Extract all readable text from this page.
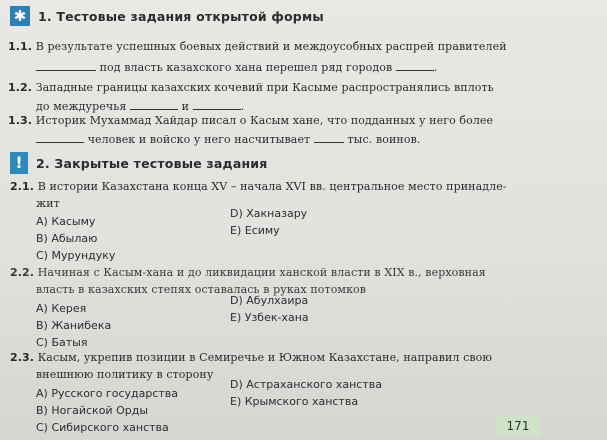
✱ 1. Тестовые задания открытой формы
1.1. В результате успешных боевых действий и междоусобных распрей правителей
под власть казахского хана перешел ряд городов	.
1.2. Западные границы казахских кочевий при Касыме распространялись вплоть
до междуречья	и	.
1.3. Историк Мухаммад Хайдар писал о Касым хане, что подданных у него более
человек и войско у него насчитывает	тыс. воинов.
!	2. Закрытые тестовые задания
2.1. В истории Казахстана конца XV – начала XVI вв. центральное место принадле-
жит
A) Касыму
B) Абылаю
C) Мурундуку
D) Хакназару
E) Есиму
2.2. Начиная с Касым-хана и до ликвидации ханской власти в XIX в., верховная
власть в казахских степях оставалась в руках потомков
A) Керея
B) Жанибека
C) Батыя
D) Абулхаира
E) Узбек-хана
2.3. Касым, укрепив позиции в Семиречье и Южном Казахстане, направил свою
внешнюю политику в сторону
A) Русского государства
B) Ногайской Орды
C) Сибирского ханства
D) Астраханского ханства
E) Крымского ханства
171
